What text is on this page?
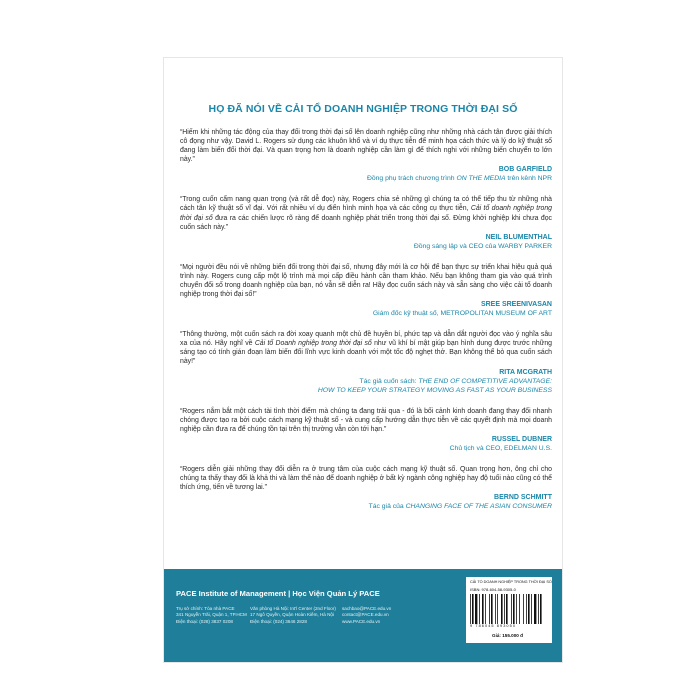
HỌ ĐÃ NÓI VỀ CẢI TỔ DOANH NGHIỆP TRONG THỜI ĐẠI SỐ

“Hiếm khi những tác động của thay đổi trong thời đại số lên doanh nghiệp cũng như những nhà cách tân được giải thích cô đọng như vậy. David L. Rogers sử dụng các khuôn khổ và ví dụ thực tiễn để minh họa cách thức và lý do kỹ thuật số đang làm biến đổi thời đại. Và quan trọng hơn là doanh nghiệp cần làm gì để thích nghi với những biến chuyển to lớn này.”

BOB GARFIELD
Đồng phụ trách chương trình ON THE MEDIA trên kênh NPR

“Trong cuốn cẩm nang quan trọng (và rất dễ đọc) này, Rogers chia sẻ những gì chúng ta có thể tiếp thu từ những nhà cách tân kỹ thuật số vĩ đại. Với rất nhiều ví dụ điển hình minh họa và các công cụ thực tiễn, Cải tổ doanh nghiệp trong thời đại số đưa ra các chiến lược rõ ràng để doanh nghiệp phát triển trong thời đại số. Đừng khởi nghiệp khi chưa đọc cuốn sách này.”

NEIL BLUMENTHAL
Đồng sáng lập và CEO của WARBY PARKER

“Mọi người đều nói về những biến đổi trong thời đại số, nhưng đây mới là cơ hội để bạn thực sự triển khai hiệu quả quá trình này. Rogers cung cấp một lộ trình mà mọi cấp điều hành cần tham khảo. Nếu bạn không tham gia vào quá trình chuyển đổi số trong doanh nghiệp của bạn, nó vẫn sẽ diễn ra! Hãy đọc cuốn sách này và sẵn sàng cho việc cải tổ doanh nghiệp trong thời đại số!”

SREE SREENIVASAN
Giám đốc kỹ thuật số, METROPOLITAN MUSEUM OF ART

“Thông thường, một cuốn sách ra đời xoay quanh một chủ đề huyền bí, phức tạp và dẫn dắt người đọc vào ý nghĩa sâu xa của nó. Hãy nghĩ về Cải tổ Doanh nghiệp trong thời đại số như vũ khí bí mật giúp bạn hình dung được trước những sáng tạo có tính gián đoạn làm biến đổi lĩnh vực kinh doanh với một tốc độ nghẹt thở. Bạn không thể bỏ qua cuốn sách này!”

RITA MCGRATH
Tác giả cuốn sách: THE END OF COMPETITIVE ADVANTAGE:
HOW TO KEEP YOUR STRATEGY MOVING AS FAST AS YOUR BUSINESS

“Rogers nắm bắt một cách tài tình thời điểm mà chúng ta đang trải qua - đó là bối cảnh kinh doanh đang thay đổi nhanh chóng được tạo ra bởi cuộc cách mạng kỹ thuật số - và cung cấp hướng dẫn thực tiễn về các quyết định mà mọi doanh nghiệp cần đưa ra để chúng tồn tại trên thị trường vẫn còn tới hạn.”

RUSSEL DUBNER
Chủ tịch và CEO, EDELMAN U.S.

“Rogers diễn giải những thay đổi diễn ra ở trung tâm của cuộc cách mạng kỹ thuật số. Quan trọng hơn, ông chỉ cho chúng ta thấy thay đổi là khả thi và làm thế nào để doanh nghiệp ở bất kỳ ngành công nghiệp hay độ tuổi nào cũng có thể thích ứng, tiến về tương lai.”

BERND SCHMITT
Tác giả của CHANGING FACE OF THE ASIAN CONSUMER
PACE Institute of Management | Học Viện Quản Lý PACE
Trụ sở chính: Tòa nhà PACE
341 Nguyễn Trãi, Quận 1, TP.HCM
Điện thoại: (028) 3837 0208
Văn phòng Hà Nội: Int'l Center (2nd Floor)
17 Ngô Quyền, Quận Hoàn Kiếm, Hà Nội
Điện thoại: (024) 3646 2828
sachbao@PACE.edu.vn
contact@PACE.edu.vn
www.PACE.edu.vn
CẢI TỔ DOANH NGHIỆP TRONG THỜI ĐẠI SỐ
ISBN: 978-604-58-9305-0
9 786045 893050
Giá: 155.000 đ
